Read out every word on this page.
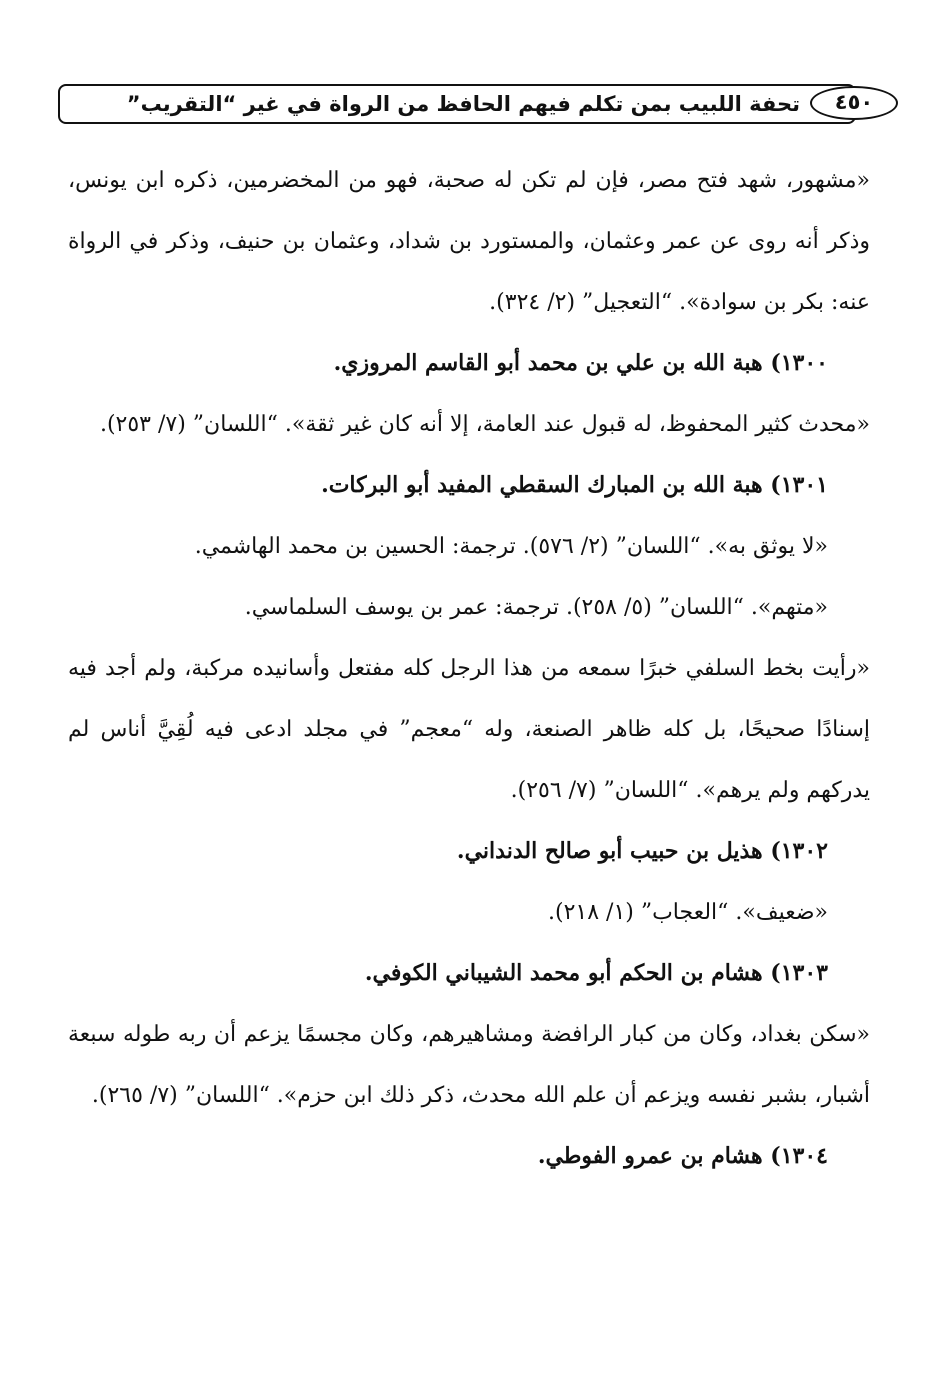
تحفة اللبيب بمن تكلم فيهم الحافظ من الرواة في غير “التقريب”	٤٥٠

«مشهور، شهد فتح مصر، فإن لم تكن له صحبة، فهو من المخضرمين، ذكره ابن يونس، وذكر أنه روى عن عمر وعثمان، والمستورد بن شداد، وعثمان بن حنيف، وذكر في الرواة عنه: بكر بن سوادة». “التعجيل” (٢/ ٣٢٤).

١٣٠٠) هبة الله بن علي بن محمد أبو القاسم المروزي.

«محدث كثير المحفوظ، له قبول عند العامة، إلا أنه كان غير ثقة». “اللسان” (٧/ ٢٥٣).

١٣٠١) هبة الله بن المبارك السقطي المفيد أبو البركات.

«لا يوثق به». “اللسان” (٢/ ٥٧٦). ترجمة: الحسين بن محمد الهاشمي.

«متهم». “اللسان” (٥/ ٢٥٨). ترجمة: عمر بن يوسف السلماسي.

«رأيت بخط السلفي خبرًا سمعه من هذا الرجل كله مفتعل وأسانيده مركبة، ولم أجد فيه إسنادًا صحيحًا، بل كله ظاهر الصنعة، وله “معجم” في مجلد ادعى فيه لُقِيَّ أناس لم يدركهم ولم يرهم». “اللسان” (٧/ ٢٥٦).

١٣٠٢) هذيل بن حبيب أبو صالح الدنداني.

«ضعيف». “العجاب” (١/ ٢١٨).

١٣٠٣) هشام بن الحكم أبو محمد الشيباني الكوفي.

«سكن بغداد، وكان من كبار الرافضة ومشاهيرهم، وكان مجسمًا يزعم أن ربه طوله سبعة أشبار، بشبر نفسه ويزعم أن علم الله محدث، ذكر ذلك ابن حزم». “اللسان” (٧/ ٢٦٥).

١٣٠٤) هشام بن عمرو الفوطي.
